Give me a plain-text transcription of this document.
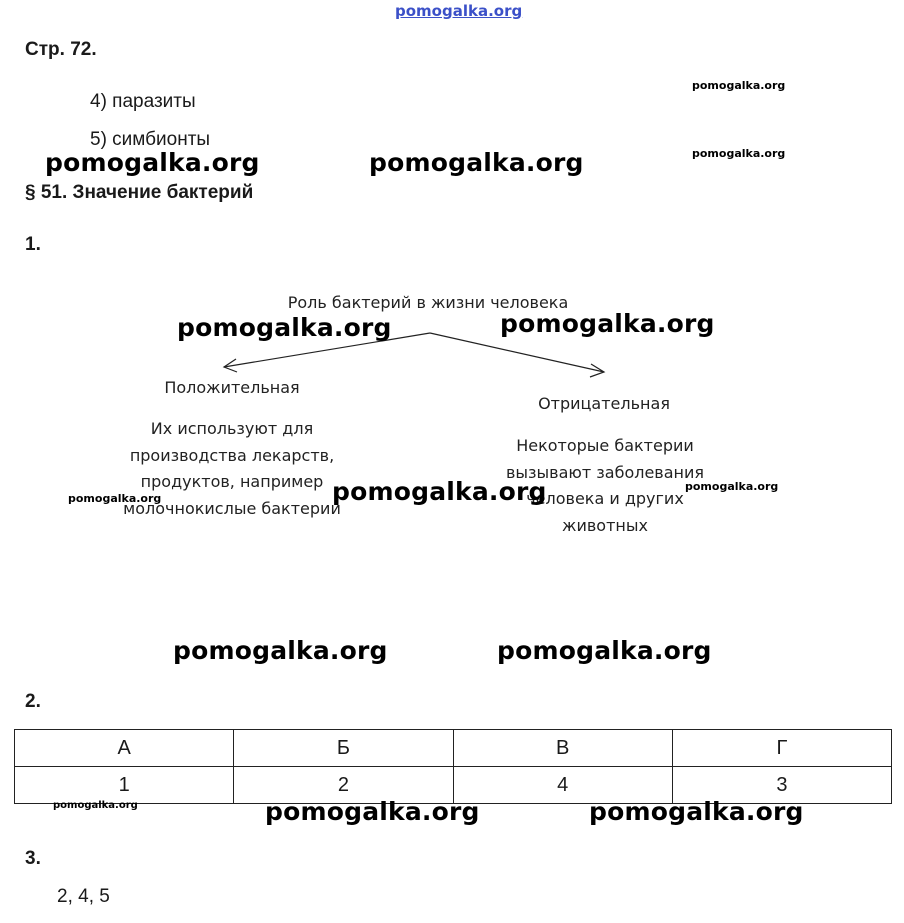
pomogalka.org
Стр. 72.
4) паразиты
5) симбионты
§ 51. Значение бактерий
1.
Роль бактерий в жизни человека
Положительная
Их используют для производства лекарств, продуктов, например молочнокислые бактерии
Отрицательная
Некоторые бактерии вызывают заболевания человека и других животных
2.
А	Б	В	Г
1	2	4	3
3.
2, 4, 5
pomogalka.org
pomogalka.org
pomogalka.org	pomogalka.org
pomogalka.org	pomogalka.org
pomogalka.org	pomogalka.org	pomogalka.org
pomogalka.org	pomogalka.org
pomogalka.org	pomogalka.org	pomogalka.org
